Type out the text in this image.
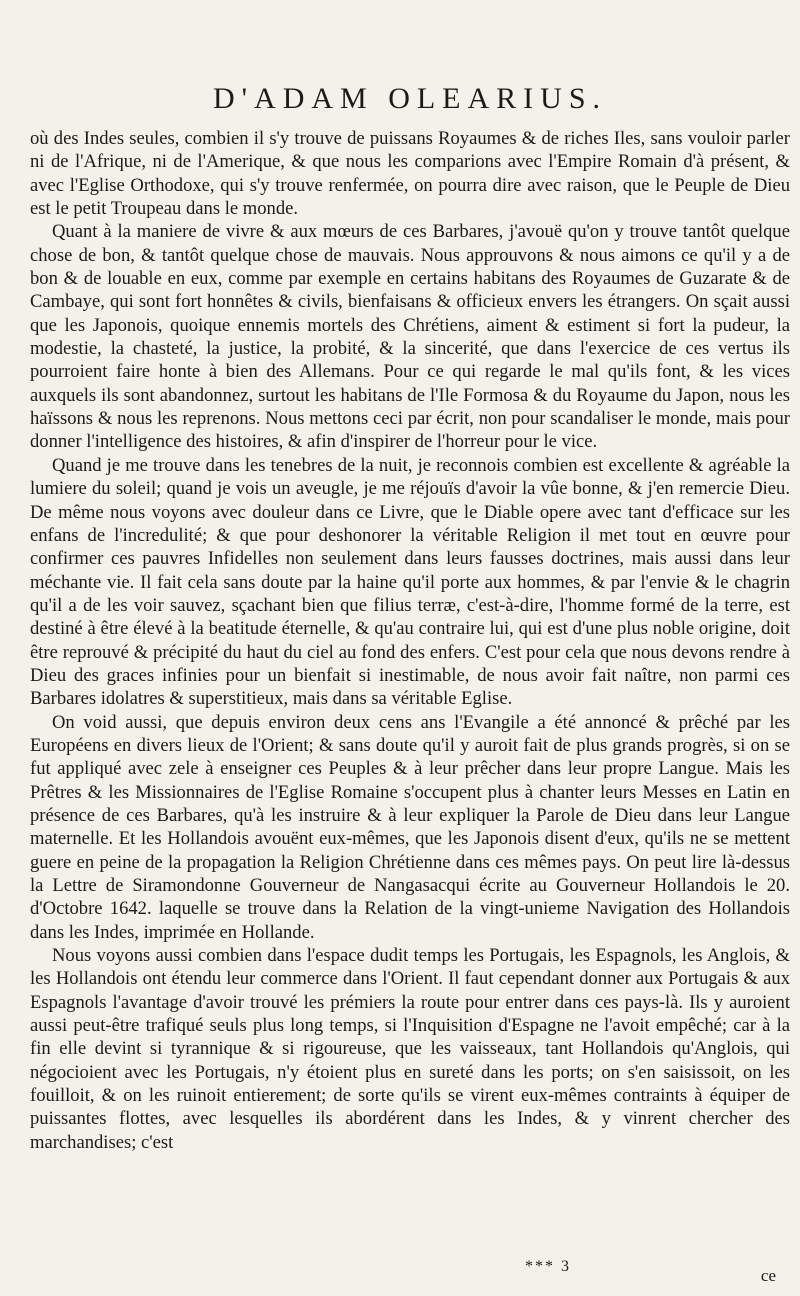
D'ADAM OLEARIUS.

où des Indes seules, combien il s'y trouve de puissans Royaumes & de riches Iles, sans vouloir parler ni de l'Afrique, ni de l'Amerique, & que nous les comparions avec l'Empire Romain d'à présent, & avec l'Eglise Orthodoxe, qui s'y trouve renfermée, on pourra dire avec raison, que le Peuple de Dieu est le petit Troupeau dans le monde.

Quant à la maniere de vivre & aux mœurs de ces Barbares, j'avouë qu'on y trouve tantôt quelque chose de bon, & tantôt quelque chose de mauvais. Nous approuvons & nous aimons ce qu'il y a de bon & de louable en eux, comme par exemple en certains habitans des Royaumes de Guzarate & de Cambaye, qui sont fort honnêtes & civils, bienfaisans & officieux envers les étrangers. On sçait aussi que les Japonois, quoique ennemis mortels des Chrétiens, aiment & estiment si fort la pudeur, la modestie, la chasteté, la justice, la probité, & la sincerité, que dans l'exercice de ces vertus ils pourroient faire honte à bien des Allemans. Pour ce qui regarde le mal qu'ils font, & les vices auxquels ils sont abandonnez, surtout les habitans de l'Ile Formosa & du Royaume du Japon, nous les haïssons & nous les reprenons. Nous mettons ceci par écrit, non pour scandaliser le monde, mais pour donner l'intelligence des histoires, & afin d'inspirer de l'horreur pour le vice.

Quand je me trouve dans les tenebres de la nuit, je reconnois combien est excellente & agréable la lumiere du soleil; quand je vois un aveugle, je me réjouïs d'avoir la vûe bonne, & j'en remercie Dieu. De même nous voyons avec douleur dans ce Livre, que le Diable opere avec tant d'efficace sur les enfans de l'incredulité; & que pour deshonorer la véritable Religion il met tout en œuvre pour confirmer ces pauvres Infidelles non seulement dans leurs fausses doctrines, mais aussi dans leur méchante vie. Il fait cela sans doute par la haine qu'il porte aux hommes, & par l'envie & le chagrin qu'il a de les voir sauvez, sçachant bien que filius terræ, c'est-à-dire, l'homme formé de la terre, est destiné à être élevé à la beatitude éternelle, & qu'au contraire lui, qui est d'une plus noble origine, doit être reprouvé & précipité du haut du ciel au fond des enfers. C'est pour cela que nous devons rendre à Dieu des graces infinies pour un bienfait si inestimable, de nous avoir fait naître, non parmi ces Barbares idolatres & superstitieux, mais dans sa véritable Eglise.

On void aussi, que depuis environ deux cens ans l'Evangile a été annoncé & prêché par les Européens en divers lieux de l'Orient; & sans doute qu'il y auroit fait de plus grands progrès, si on se fut appliqué avec zele à enseigner ces Peuples & à leur prêcher dans leur propre Langue. Mais les Prêtres & les Missionnaires de l'Eglise Romaine s'occupent plus à chanter leurs Messes en Latin en présence de ces Barbares, qu'à les instruire & à leur expliquer la Parole de Dieu dans leur Langue maternelle. Et les Hollandois avouënt eux-mêmes, que les Japonois disent d'eux, qu'ils ne se mettent guere en peine de la propagation la Religion Chrétienne dans ces mêmes pays. On peut lire là-dessus la Lettre de Siramondonne Gouverneur de Nangasacqui écrite au Gouverneur Hollandois le 20. d'Octobre 1642. laquelle se trouve dans la Relation de la vingt-unieme Navigation des Hollandois dans les Indes, imprimée en Hollande.

Nous voyons aussi combien dans l'espace dudit temps les Portugais, les Espagnols, les Anglois, & les Hollandois ont étendu leur commerce dans l'Orient. Il faut cependant donner aux Portugais & aux Espagnols l'avantage d'avoir trouvé les prémiers la route pour entrer dans ces pays-là. Ils y auroient aussi peut-être trafiqué seuls plus long temps, si l'Inquisition d'Espagne ne l'avoit empêché; car à la fin elle devint si tyrannique & si rigoureuse, que les vaisseaux, tant Hollandois qu'Anglois, qui négocioient avec les Portugais, n'y étoient plus en sureté dans les ports; on s'en saisissoit, on les fouilloit, & on les ruinoit entierement; de sorte qu'ils se virent eux-mêmes contraints à équiper de puissantes flottes, avec lesquelles ils abordérent dans les Indes, & y vinrent chercher des marchandises; c'est

*** 3	ce
